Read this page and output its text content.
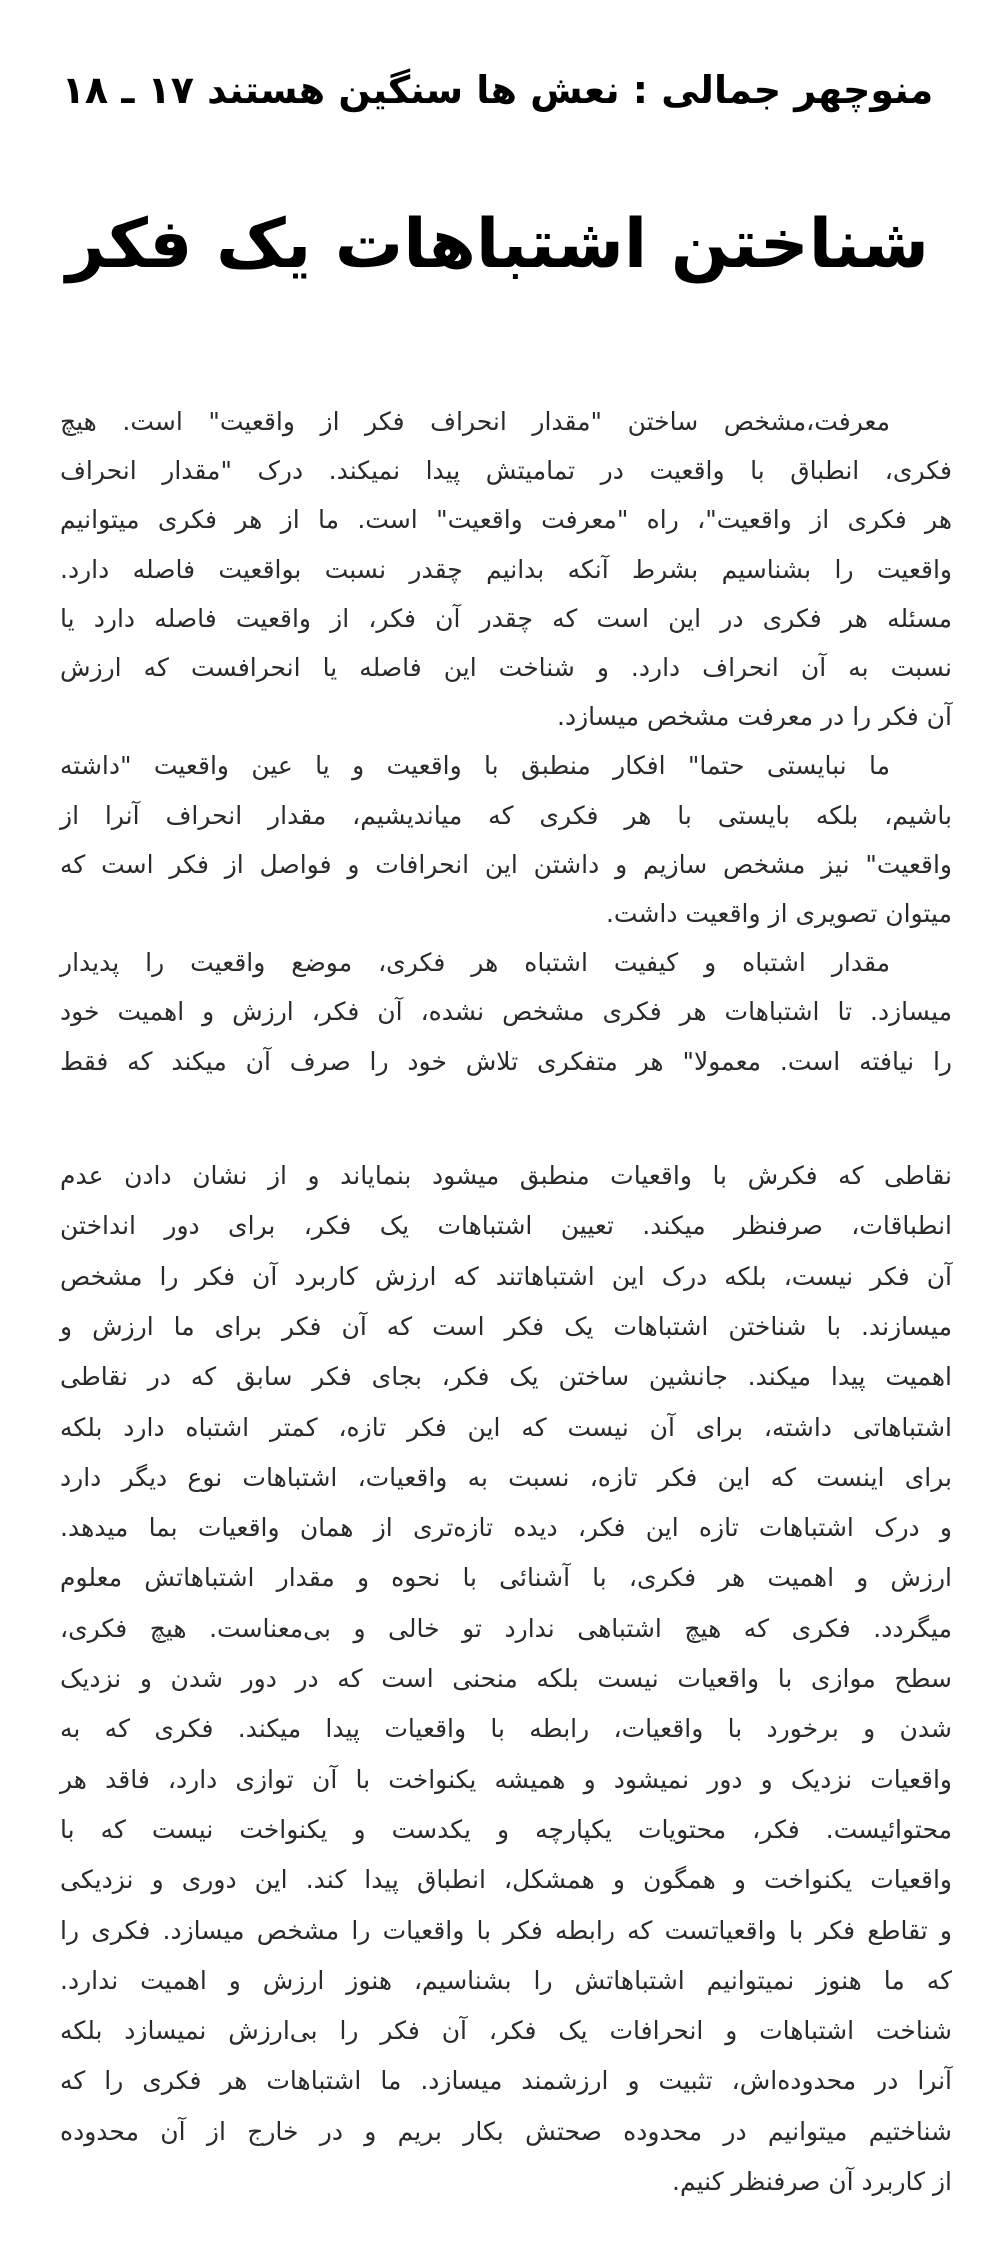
منوچهر جمالی : نعش ها سنگین هستند ۱۷ ـ ۱۸
شناختن اشتباهات یک فکر
معرفت،مشخص ساختن "مقدار انحراف فکر از واقعیت" است. هیچ
فکری، انطباق با واقعیت در تمامیتش پیدا نمیکند. درک "مقدار انحراف
هر فکری از واقعیت"، راه "معرفت واقعیت" است. ما از هر فکری میتوانیم
واقعیت را بشناسیم بشرط آنکه بدانیم چقدر نسبت بواقعیت فاصله دارد.
مسئله هر فکری در این است که چقدر آن فکر، از واقعیت فاصله دارد یا
نسبت به آن انحراف دارد. و شناخت این فاصله یا انحرافست که ارزش
آن فکر را در معرفت مشخص میسازد.
ما نبایستی حتما" افکار منطبق با واقعیت و یا عین واقعیت "داشته
باشیم، بلکه بایستی با هر فکری که میاندیشیم، مقدار انحراف آنرا از
واقعیت" نیز مشخص سازیم و داشتن این انحرافات و فواصل از فکر است که
میتوان تصویری از واقعیت داشت.
مقدار اشتباه و کیفیت اشتباه هر فکری، موضع واقعیت را پدیدار
میسازد. تا اشتباهات هر فکری مشخص نشده، آن فکر، ارزش و اهمیت خود
را نیافته است. معمولا" هر متفکری تلاش خود را صرف آن میکند که فقط
نقاطی که فکرش با واقعیات منطبق میشود بنمایاند و از نشان دادن عدم
انطباقات، صرفنظر میکند. تعیین اشتباهات یک فکر، برای دور انداختن
آن فکر نیست، بلکه درک این اشتباهاتند که ارزش کاربرد آن فکر را مشخص
میسازند. با شناختن اشتباهات یک فکر است که آن فکر برای ما ارزش و
اهمیت پیدا میکند. جانشین ساختن یک فکر، بجای فکر سابق که در نقاطی
اشتباهاتی داشته، برای آن نیست که این فکر تازه، کمتر اشتباه دارد بلکه
برای اینست که این فکر تازه، نسبت به واقعیات، اشتباهات نوع دیگر دارد
و درک اشتباهات تازه این فکر، دیده تازه‌تری از همان واقعیات بما میدهد.
ارزش و اهمیت هر فکری، با آشنائی با نحوه و مقدار اشتباهاتش معلوم
میگردد. فکری که هیچ اشتباهی ندارد تو خالی و بی‌معناست. هیچ فکری،
سطح موازی با واقعیات نیست بلکه منحنی است که در دور شدن و نزدیک
شدن و برخورد با واقعیات، رابطه با واقعیات پیدا میکند. فکری که به
واقعیات نزدیک و دور نمیشود و همیشه یکنواخت با آن توازی دارد، فاقد هر
محتوائیست. فکر، محتویات یکپارچه و یکدست و یکنواخت نیست که با
واقعیات یکنواخت و همگون و همشکل، انطباق پیدا کند. این دوری و نزدیکی
و تقاطع فکر با واقعیاتست که رابطه فکر با واقعیات را مشخص میسازد. فکری را
که ما هنوز نمیتوانیم اشتباهاتش را بشناسیم، هنوز ارزش و اهمیت ندارد.
شناخت اشتباهات و انحرافات یک فکر، آن فکر را بی‌ارزش نمیسازد بلکه
آنرا در محدوده‌اش، تثبیت و ارزشمند میسازد. ما اشتباهات هر فکری را که
شناختیم میتوانیم در محدوده صحتش بکار بریم و در خارج از آن محدوده
از کاربرد آن صرفنظر کنیم.
